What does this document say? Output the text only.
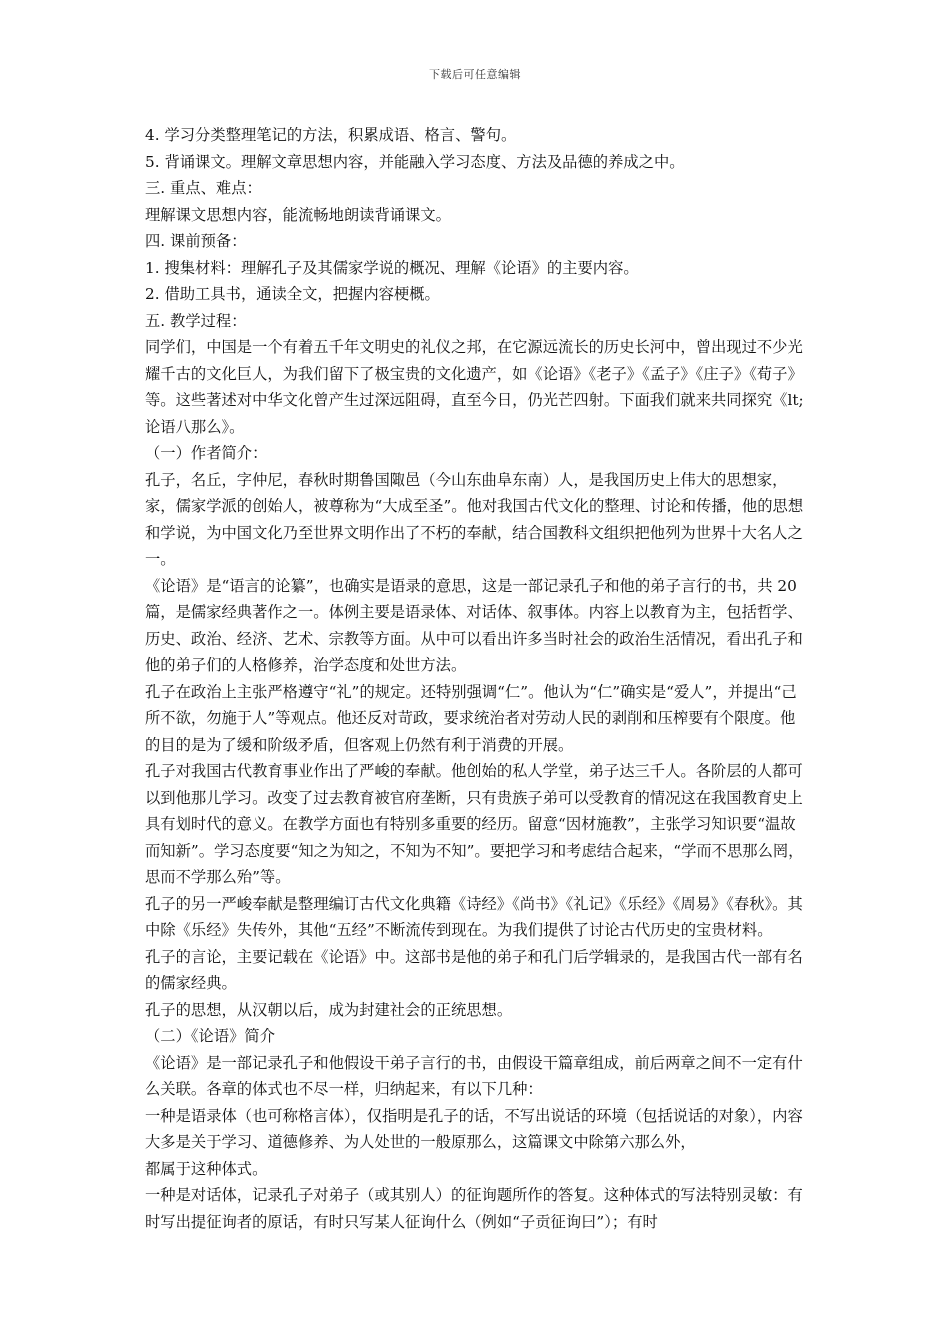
下载后可任意编辑

4. 学习分类整理笔记的方法，积累成语、格言、警句。

5. 背诵课文。理解文章思想内容，并能融入学习态度、方法及品德的养成之中。

三. 重点、难点：

理解课文思想内容，能流畅地朗读背诵课文。

四. 课前预备：

1. 搜集材料：理解孔子及其儒家学说的概况、理解《论语》的主要内容。

2. 借助工具书，通读全文，把握内容梗概。

五. 教学过程：

同学们，中国是一个有着五千年文明史的礼仪之邦，在它源远流长的历史长河中，曾出现过不少光耀千古的文化巨人，为我们留下了极宝贵的文化遗产，如《论语》《老子》《孟子》《庄子》《荀子》等。这些著述对中华文化曾产生过深远阻碍，直至今日，仍光芒四射。下面我们就来共同探究《lt;论语八那么》。

（一）作者简介：

孔子，名丘，字仲尼，春秋时期鲁国陬邑（今山东曲阜东南）人，是我国历史上伟大的思想家，家，儒家学派的创始人，被尊称为“大成至圣”。他对我国古代文化的整理、讨论和传播，他的思想和学说，为中国文化乃至世界文明作出了不朽的奉献，结合国教科文组织把他列为世界十大名人之一。

《论语》是“语言的论纂”，也确实是语录的意思，这是一部记录孔子和他的弟子言行的书，共 20 篇，是儒家经典著作之一。体例主要是语录体、对话体、叙事体。内容上以教育为主，包括哲学、历史、政治、经济、艺术、宗教等方面。从中可以看出许多当时社会的政治生活情况，看出孔子和他的弟子们的人格修养，治学态度和处世方法。

孔子在政治上主张严格遵守“礼”的规定。还特别强调“仁”。他认为“仁”确实是“爱人”，并提出“己所不欲，勿施于人”等观点。他还反对苛政，要求统治者对劳动人民的剥削和压榨要有个限度。他的目的是为了缓和阶级矛盾，但客观上仍然有利于消费的开展。

孔子对我国古代教育事业作出了严峻的奉献。他创始的私人学堂，弟子达三千人。各阶层的人都可以到他那儿学习。改变了过去教育被官府垄断，只有贵族子弟可以受教育的情况这在我国教育史上具有划时代的意义。在教学方面也有特别多重要的经历。留意“因材施教”，主张学习知识要“温故而知新”。学习态度要“知之为知之，不知为不知”。要把学习和考虑结合起来，“学而不思那么罔，思而不学那么殆”等。

孔子的另一严峻奉献是整理编订古代文化典籍《诗经》《尚书》《礼记》《乐经》《周易》《春秋》。其中除《乐经》失传外，其他“五经”不断流传到现在。为我们提供了讨论古代历史的宝贵材料。

孔子的言论，主要记载在《论语》中。这部书是他的弟子和孔门后学辑录的，是我国古代一部有名的儒家经典。

孔子的思想，从汉朝以后，成为封建社会的正统思想。

（二）《论语》简介

《论语》是一部记录孔子和他假设干弟子言行的书，由假设干篇章组成，前后两章之间不一定有什么关联。各章的体式也不尽一样，归纳起来，有以下几种：

一种是语录体（也可称格言体），仅指明是孔子的话，不写出说话的环境（包括说话的对象），内容大多是关于学习、道德修养、为人处世的一般原那么，这篇课文中除第六那么外，

都属于这种体式。

一种是对话体，记录孔子对弟子（或其别人）的征询题所作的答复。这种体式的写法特别灵敏：有时写出提征询者的原话，有时只写某人征询什么（例如“子贡征询曰”）；有时
